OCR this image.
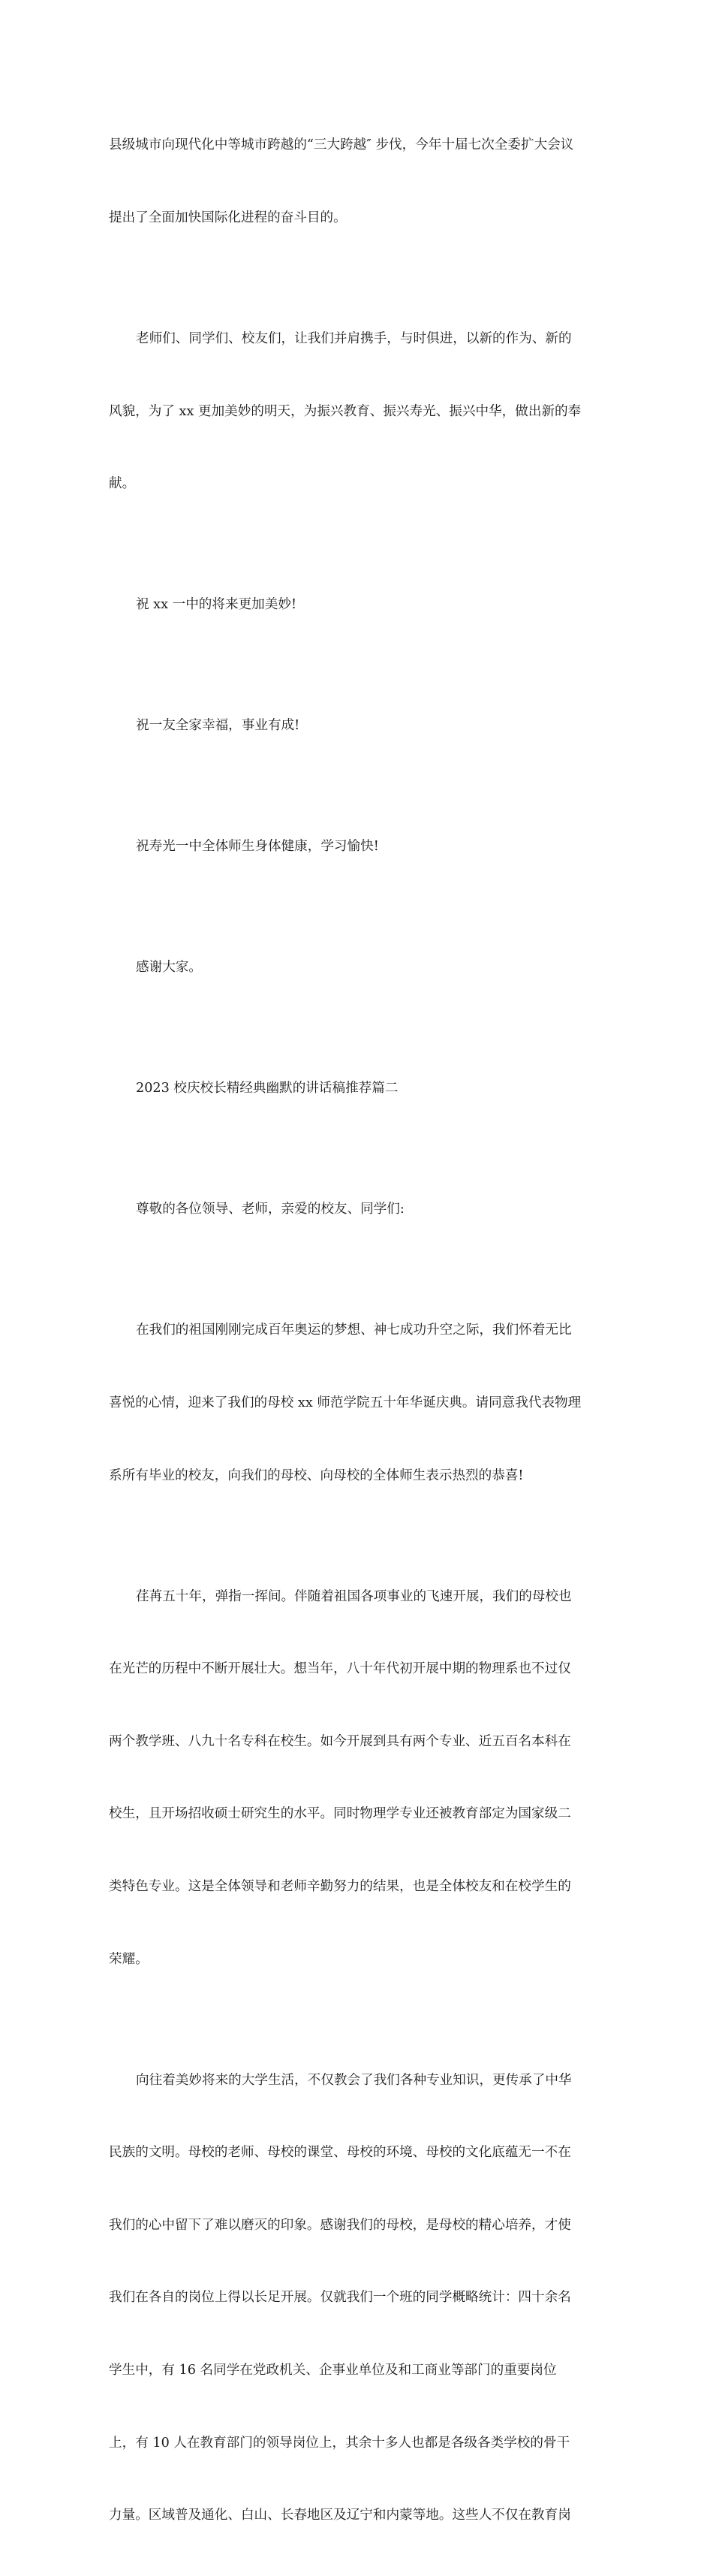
县级城市向现代化中等城市跨越的“三大跨越″ 步伐，今年十届七次全委扩大会议

提出了全面加快国际化进程的奋斗目的。

老师们、同学们、校友们，让我们并肩携手，与时俱进，以新的作为、新的

风貌，为了 xx 更加美妙的明天，为振兴教育、振兴寿光、振兴中华，做出新的奉

献。

祝 xx 一中的将来更加美妙!

祝一友全家幸福，事业有成!

祝寿光一中全体师生身体健康，学习愉快!

感谢大家。

2023 校庆校长精经典幽默的讲话稿推荐篇二

尊敬的各位领导、老师，亲爱的校友、同学们:

在我们的祖国刚刚完成百年奥运的梦想、神七成功升空之际，我们怀着无比

喜悦的心情，迎来了我们的母校 xx 师范学院五十年华诞庆典。请同意我代表物理

系所有毕业的校友，向我们的母校、向母校的全体师生表示热烈的恭喜!

荏苒五十年，弹指一挥间。伴随着祖国各项事业的飞速开展，我们的母校也

在光芒的历程中不断开展壮大。想当年，八十年代初开展中期的物理系也不过仅

两个教学班、八九十名专科在校生。如今开展到具有两个专业、近五百名本科在

校生，且开场招收硕士研究生的水平。同时物理学专业还被教育部定为国家级二

类特色专业。这是全体领导和老师辛勤努力的结果，也是全体校友和在校学生的

荣耀。

向往着美妙将来的大学生活，不仅教会了我们各种专业知识，更传承了中华

民族的文明。母校的老师、母校的课堂、母校的环境、母校的文化底蕴无一不在

我们的心中留下了难以磨灭的印象。感谢我们的母校，是母校的精心培养，才使

我们在各自的岗位上得以长足开展。仅就我们一个班的同学概略统计：四十余名

学生中，有 16 名同学在党政机关、企事业单位及和工商业等部门的重要岗位

上，有 10 人在教育部门的领导岗位上，其余十多人也都是各级各类学校的骨干

力量。区域普及通化、白山、长春地区及辽宁和内蒙等地。这些人不仅在教育岗
